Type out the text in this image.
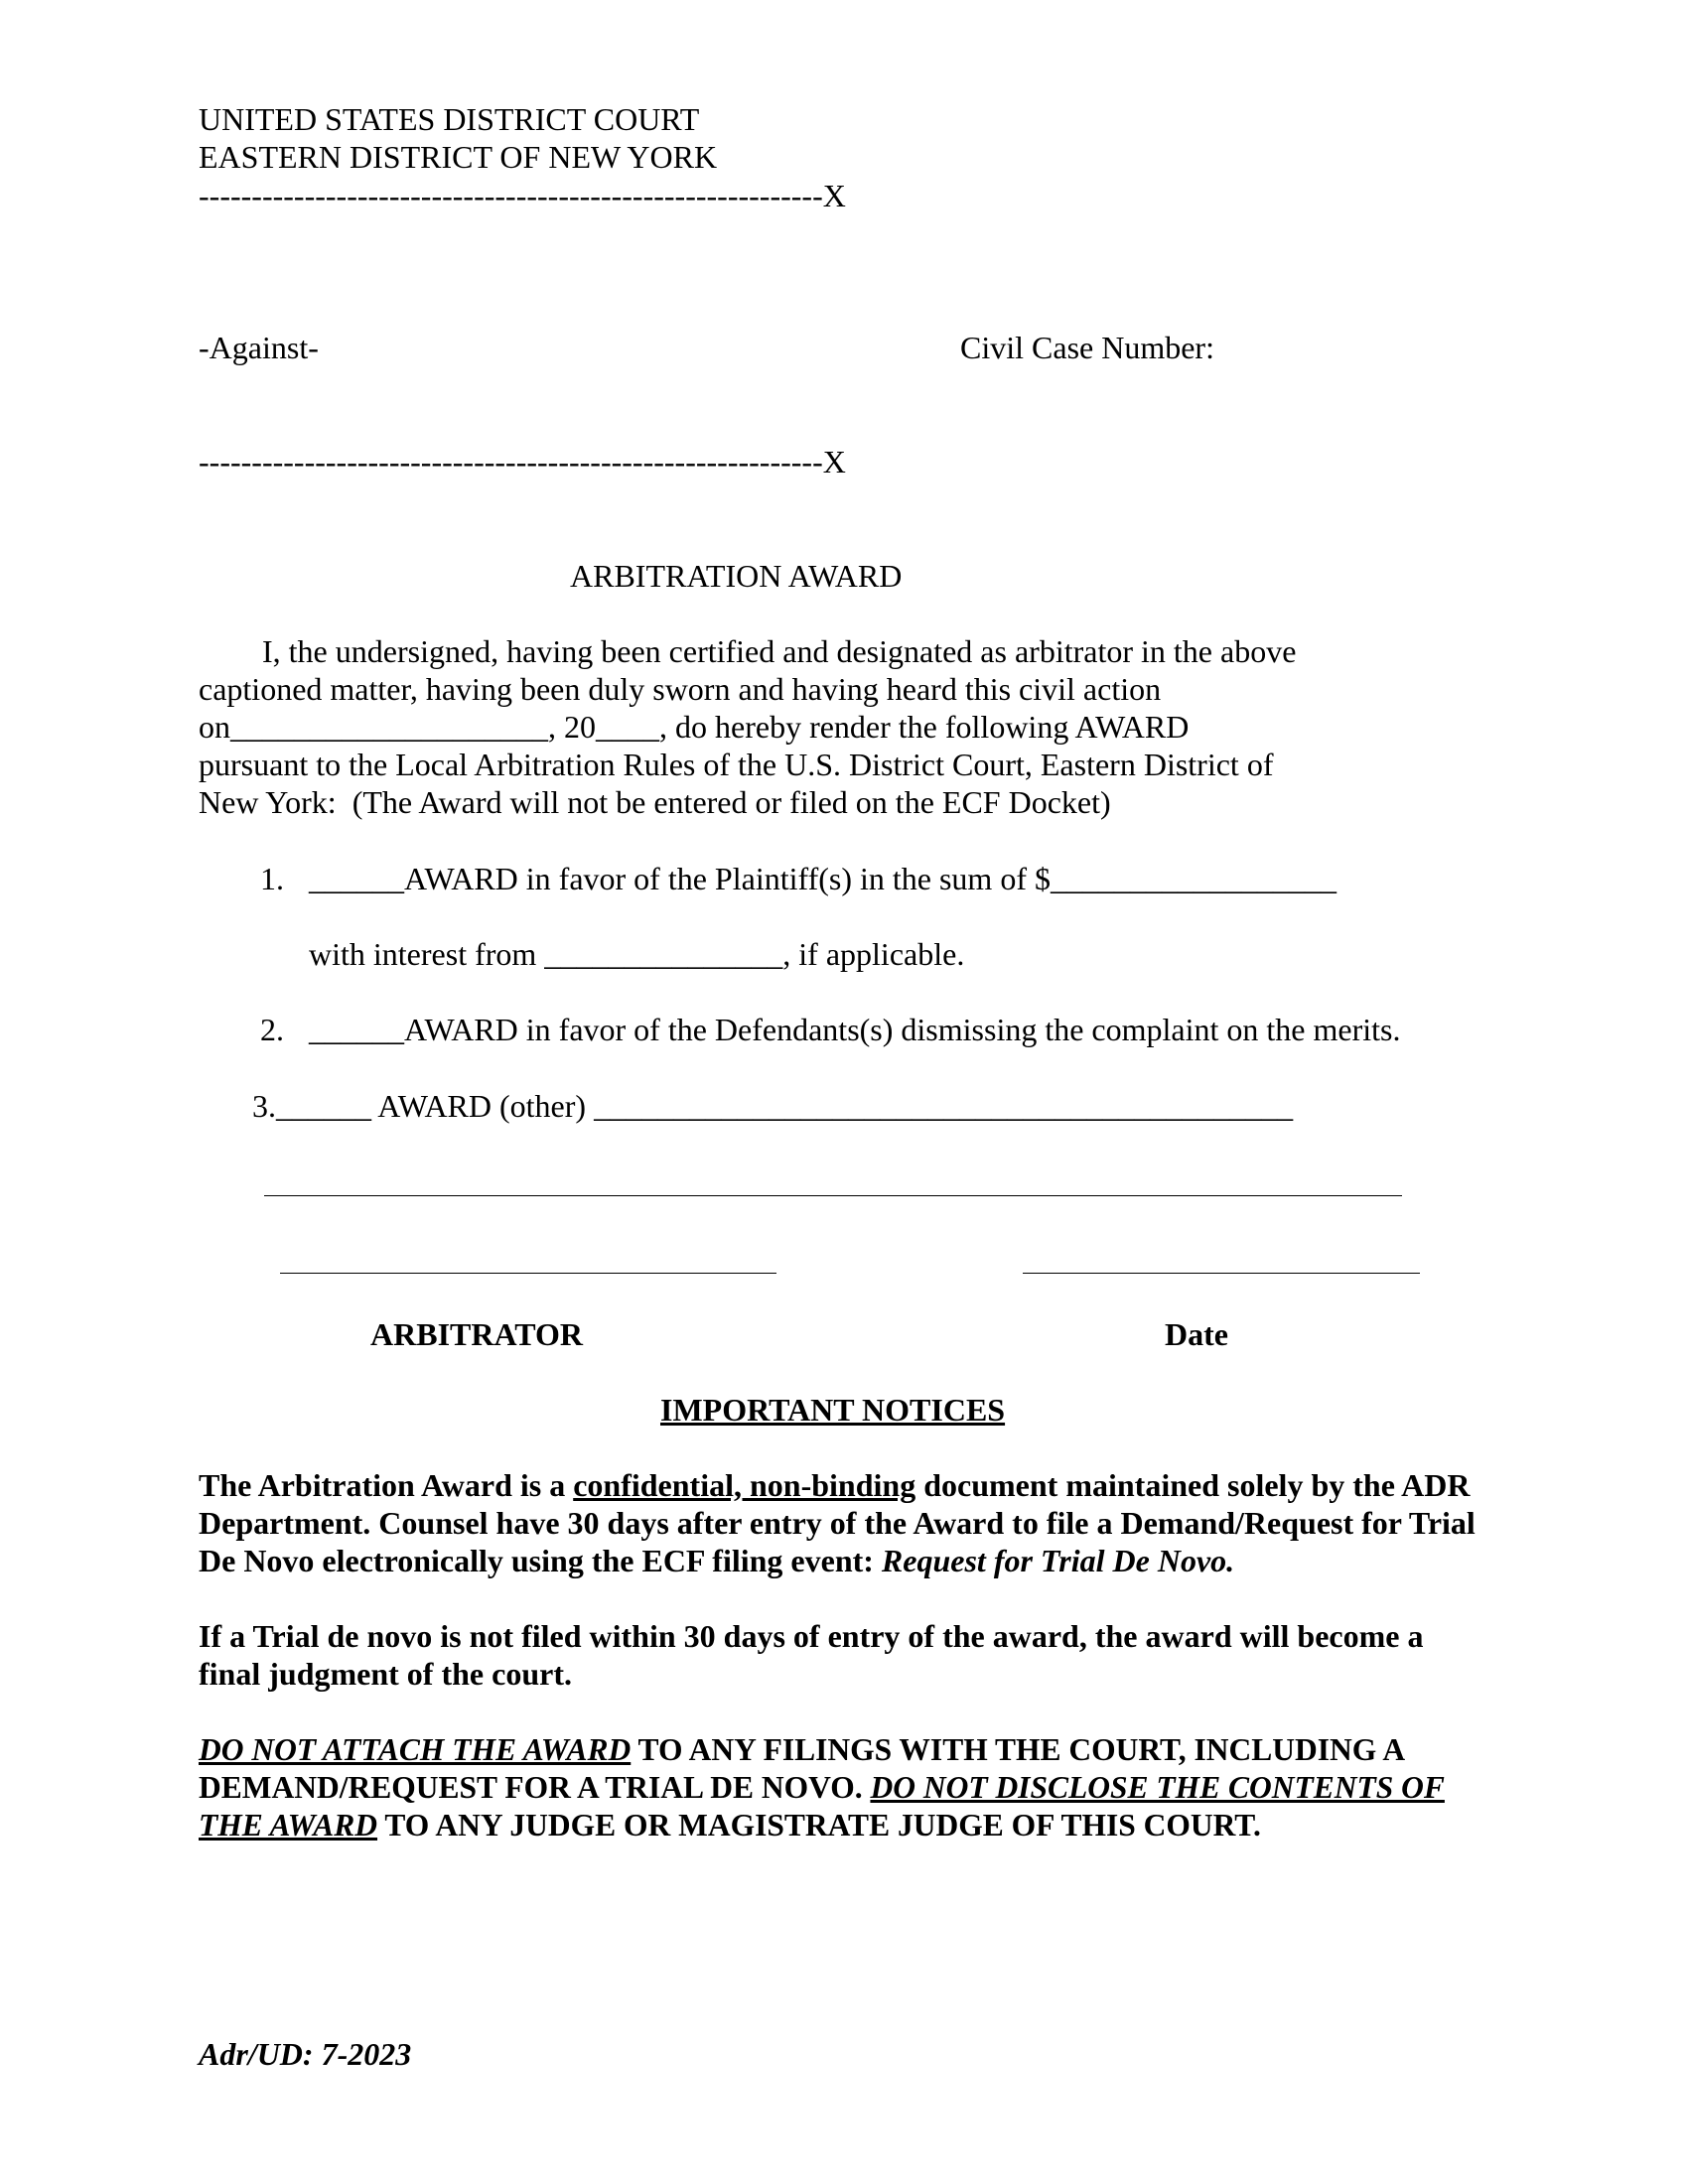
UNITED STATES DISTRICT COURT
EASTERN DISTRICT OF NEW YORK
-----------------------------------------------------------X
-Against-	Civil Case Number:
-----------------------------------------------------------X
ARBITRATION AWARD
I, the undersigned, having been certified and designated as arbitrator in the above
captioned matter, having been duly sworn and having heard this civil action
on____________________, 20____, do hereby render the following AWARD
pursuant to the Local Arbitration Rules of the U.S. District Court, Eastern District of
New York:  (The Award will not be entered or filed on the ECF Docket)
1. ______AWARD in favor of the Plaintiff(s) in the sum of $__________________
with interest from _______________, if applicable.
2. ______AWARD in favor of the Defendants(s) dismissing the complaint on the merits.
3.______ AWARD (other) ____________________________________________
ARBITRATOR	Date
IMPORTANT NOTICES
The Arbitration Award is a confidential, non-binding document maintained solely by the ADR Department. Counsel have 30 days after entry of the Award to file a Demand/Request for Trial De Novo electronically using the ECF filing event: Request for Trial De Novo.
If a Trial de novo is not filed within 30 days of entry of the award, the award will become a final judgment of the court.
DO NOT ATTACH THE AWARD TO ANY FILINGS WITH THE COURT, INCLUDING A DEMAND/REQUEST FOR A TRIAL DE NOVO. DO NOT DISCLOSE THE CONTENTS OF THE AWARD TO ANY JUDGE OR MAGISTRATE JUDGE OF THIS COURT.
Adr/UD: 7-2023
